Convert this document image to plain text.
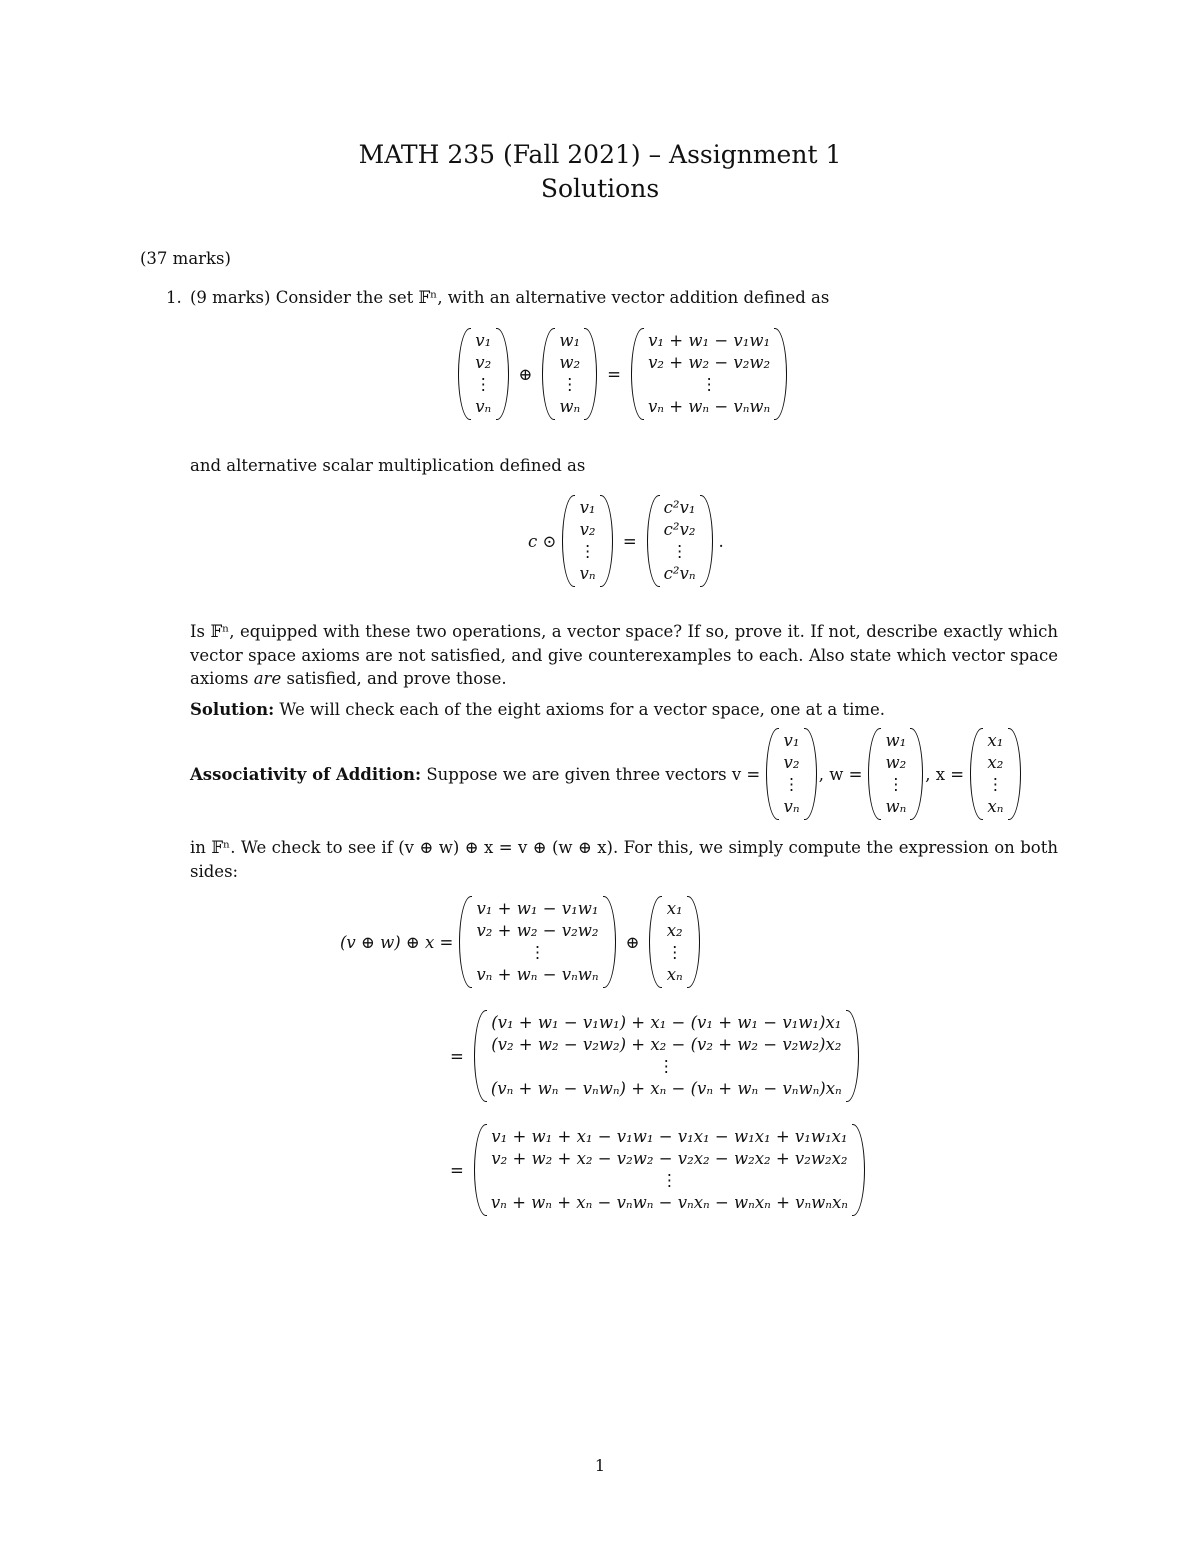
MATH 235 (Fall 2021) – Assignment 1
Solutions
(37 marks)
1. (9 marks) Consider the set 𝔽ⁿ, with an alternative vector addition defined as
v₁
v₂
⋮
vₙ
⊕
w₁
w₂
⋮
wₙ
=
v₁ + w₁ − v₁w₁
v₂ + w₂ − v₂w₂
⋮
vₙ + wₙ − vₙwₙ
and alternative scalar multiplication defined as
c ⊙
v₁
v₂
⋮
vₙ
=
c²v₁
c²v₂
⋮
c²vₙ
.
Is 𝔽ⁿ, equipped with these two operations, a vector space? If so, prove it. If not, describe exactly which vector space axioms are not satisfied, and give counterexamples to each. Also state which vector space axioms are satisfied, and prove those.
Solution: We will check each of the eight axioms for a vector space, one at a time.
Associativity of Addition: Suppose we are given three vectors v =
v₁
v₂
⋮
vₙ
, w =
w₁
w₂
⋮
wₙ
, x =
x₁
x₂
⋮
xₙ
in 𝔽ⁿ. We check to see if (v ⊕ w) ⊕ x = v ⊕ (w ⊕ x). For this, we simply compute the expression on both sides:
(v ⊕ w) ⊕ x =
v₁ + w₁ − v₁w₁
v₂ + w₂ − v₂w₂
⋮
vₙ + wₙ − vₙwₙ
⊕
x₁
x₂
⋮
xₙ
=
(v₁ + w₁ − v₁w₁) + x₁ − (v₁ + w₁ − v₁w₁)x₁
(v₂ + w₂ − v₂w₂) + x₂ − (v₂ + w₂ − v₂w₂)x₂
⋮
(vₙ + wₙ − vₙwₙ) + xₙ − (vₙ + wₙ − vₙwₙ)xₙ
=
v₁ + w₁ + x₁ − v₁w₁ − v₁x₁ − w₁x₁ + v₁w₁x₁
v₂ + w₂ + x₂ − v₂w₂ − v₂x₂ − w₂x₂ + v₂w₂x₂
⋮
vₙ + wₙ + xₙ − vₙwₙ − vₙxₙ − wₙxₙ + vₙwₙxₙ
1
